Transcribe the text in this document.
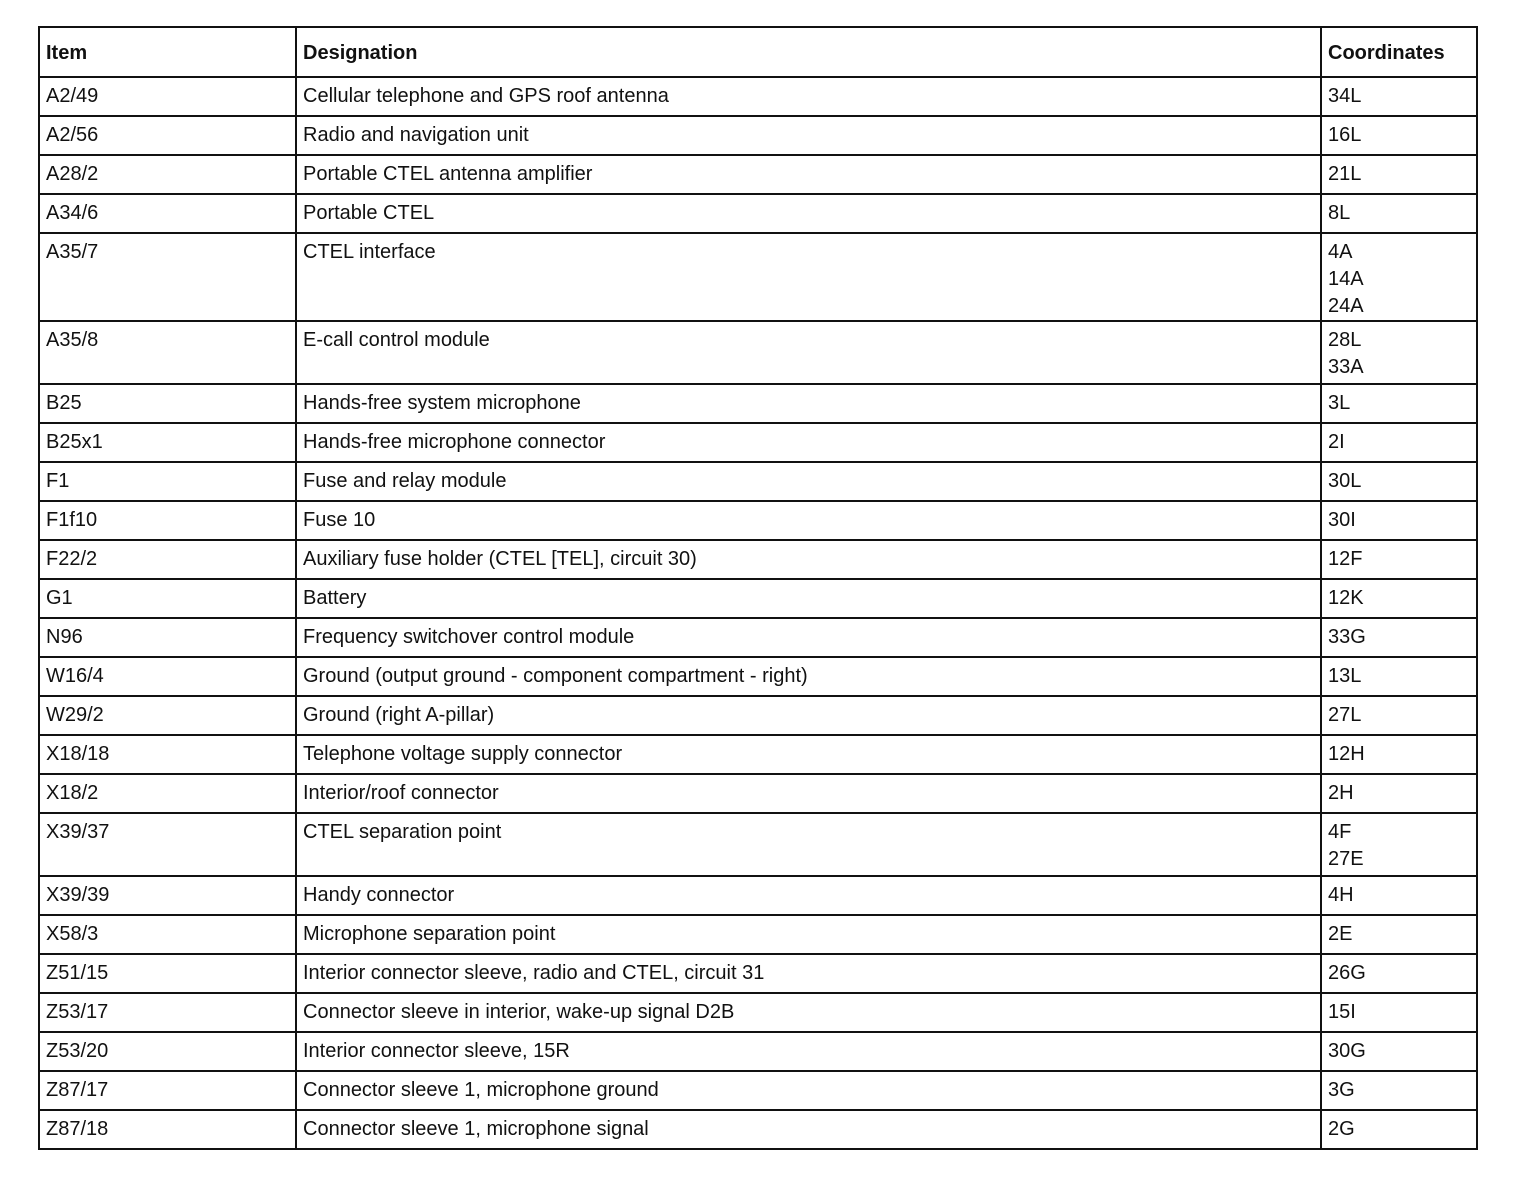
Item	Designation	Coordinates
A2/49	Cellular telephone and GPS roof antenna	34L

A2/56	Radio and navigation unit	16L

A28/2	Portable CTEL antenna amplifier	21L

A34/6	Portable CTEL	8L

A35/7	CTEL interface	4A
14A
24A

A35/8	E-call control module	28L
33A

B25	Hands-free system microphone	3L

B25x1	Hands-free microphone connector	2I

F1	Fuse and relay module	30L

F1f10	Fuse 10	30I

F22/2	Auxiliary fuse holder (CTEL [TEL], circuit 30)	12F

G1	Battery	12K

N96	Frequency switchover control module	33G

W16/4	Ground (output ground - component compartment - right)	13L

W29/2	Ground (right A-pillar)	27L

X18/18	Telephone voltage supply connector	12H

X18/2	Interior/roof connector	2H

X39/37	CTEL separation point	4F
27E

X39/39	Handy connector	4H

X58/3	Microphone separation point	2E

Z51/15	Interior connector sleeve, radio and CTEL, circuit 31	26G

Z53/17	Connector sleeve in interior, wake-up signal D2B	15I

Z53/20	Interior connector sleeve, 15R	30G

Z87/17	Connector sleeve 1, microphone ground	3G

Z87/18	Connector sleeve 1, microphone signal	2G
